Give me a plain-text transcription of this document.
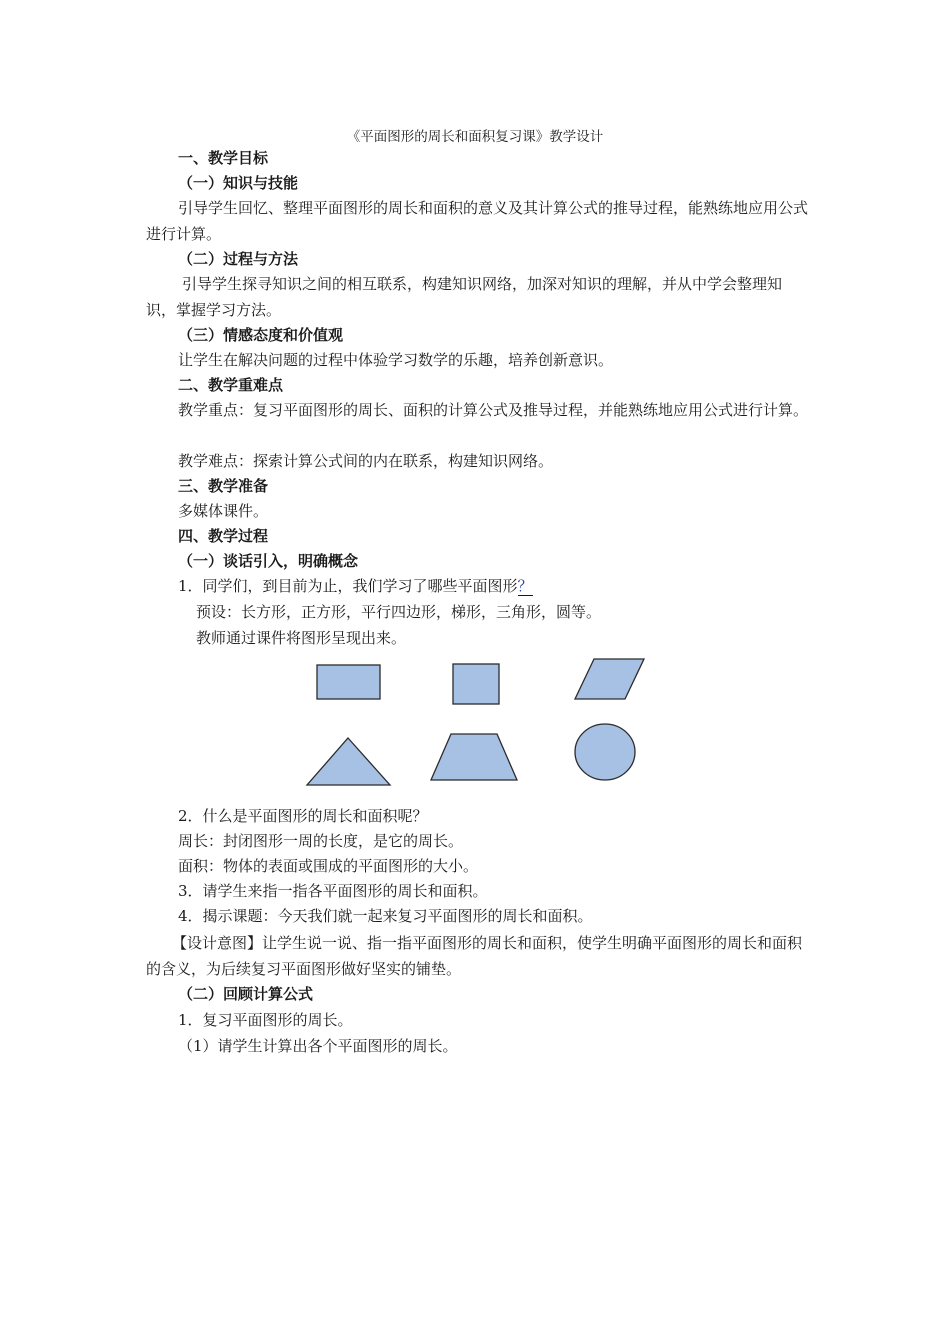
《平面图形的周长和面积复习课》教学设计
一、教学目标
（一）知识与技能
引导学生回忆、整理平面图形的周长和面积的意义及其计算公式的推导过程，能熟练地应用公式进行计算。
（二）过程与方法
引导学生探寻知识之间的相互联系，构建知识网络，加深对知识的理解，并从中学会整理知识，掌握学习方法。
（三）情感态度和价值观
让学生在解决问题的过程中体验学习数学的乐趣，培养创新意识。
二、教学重难点
教学重点：复习平面图形的周长、面积的计算公式及推导过程，并能熟练地应用公式进行计算。
教学难点：探索计算公式间的内在联系，构建知识网络。
三、教学准备
多媒体课件。
四、教学过程
（一）谈话引入，明确概念
1．同学们，到目前为止，我们学习了哪些平面图形？
预设：长方形，正方形，平行四边形，梯形，三角形，圆等。
教师通过课件将图形呈现出来。
2．什么是平面图形的周长和面积呢？
周长：封闭图形一周的长度，是它的周长。
面积：物体的表面或围成的平面图形的大小。
3．请学生来指一指各平面图形的周长和面积。
4．揭示课题：今天我们就一起来复习平面图形的周长和面积。
【设计意图】让学生说一说、指一指平面图形的周长和面积，使学生明确平面图形的周长和面积的含义，为后续复习平面图形做好坚实的铺垫。
（二）回顾计算公式
1．复习平面图形的周长。
（1）请学生计算出各个平面图形的周长。
